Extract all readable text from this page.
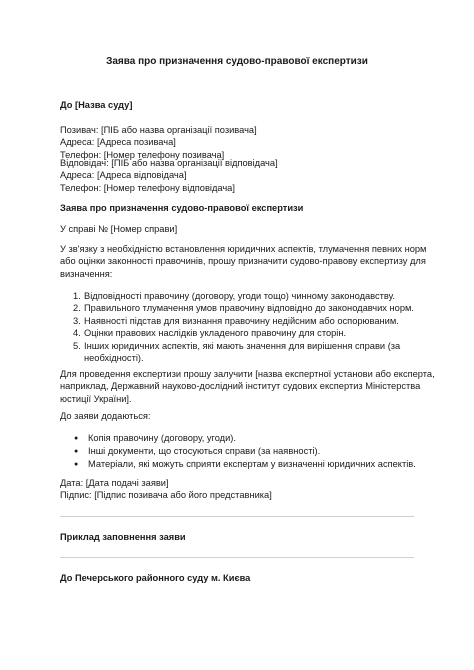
Заява про призначення судово-правової експертизи
До [Назва суду]
Позивач: [ПІБ або назва організації позивача]
Адреса: [Адреса позивача]
Телефон: [Номер телефону позивача]
Відповідач: [ПІБ або назва організації відповідача]
Адреса: [Адреса відповідача]
Телефон: [Номер телефону відповідача]
Заява про призначення судово-правової експертизи
У справі № [Номер справи]
У зв'язку з необхідністю встановлення юридичних аспектів, тлумачення певних норм
або оцінки законності правочинів, прошу призначити судово-правову експертизу для
визначення:
1. Відповідності правочину (договору, угоди тощо) чинному законодавству.
2. Правильного тлумачення умов правочину відповідно до законодавчих норм.
3. Наявності підстав для визнання правочину недійсним або оспорюваним.
4. Оцінки правових наслідків укладеного правочину для сторін.
5. Інших юридичних аспектів, які мають значення для вирішення справи (за
необхідності).
Для проведення експертизи прошу залучити [назва експертної установи або експерта,
наприклад, Державний науково-дослідний інститут судових експертиз Міністерства
юстиції України].
До заяви додаються:
● Копія правочину (договору, угоди).
● Інші документи, що стосуються справи (за наявності).
● Матеріали, які можуть сприяти експертам у визначенні юридичних аспектів.
Дата: [Дата подачі заяви]
Підпис: [Підпис позивача або його представника]
Приклад заповнення заяви
До Печерського районного суду м. Києва
